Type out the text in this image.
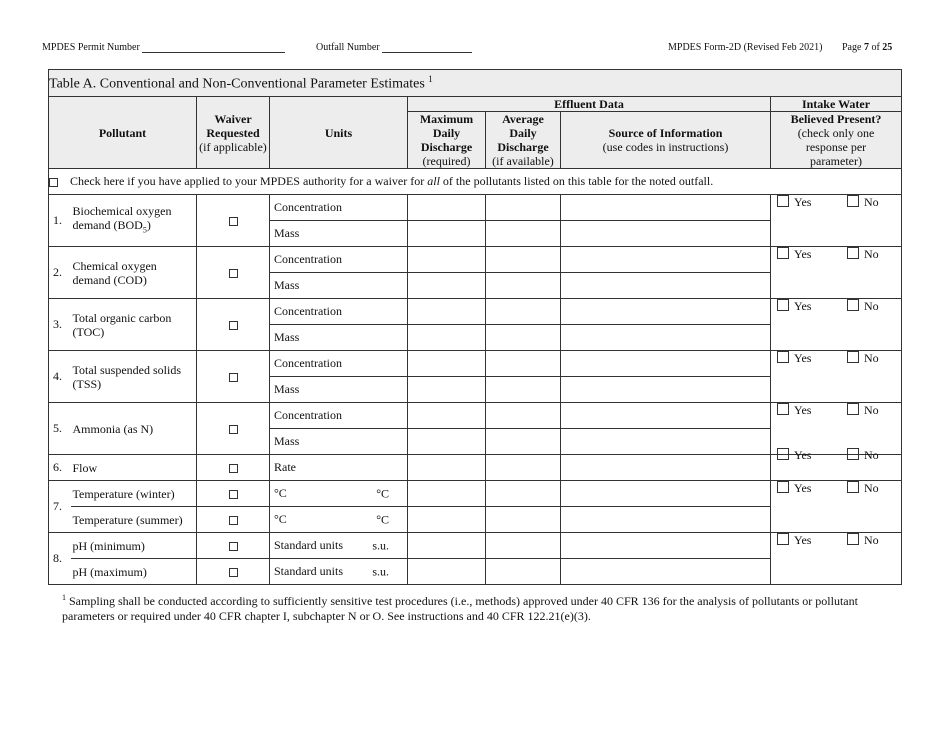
MPDES Permit Number	Outfall Number	MPDES Form-2D (Revised Feb 2021) Page 7 of 25
Table A. Conventional and Non-Conventional Parameter Estimates $^1$
Pollutant		Waiver
Requested
(if applicable)	Units	Effluent Data			Intake Water
				Maximum
Daily
Discharge
(required)	Average
Daily
Discharge
(if available)	Source of Information
(use codes in instructions)	Believed Present?
(check only one
response per
parameter)
Check here if you have applied to your MPDES authority for a waiver for all of the pollutants listed on this table for the noted outfall.							
1.	Biochemical oxygen
demand $(BOD_5)$		Concentration				Yes No

			Mass				
2.	Chemical oxygen
demand (COD)		Concentration				Yes No

			Mass				
3.	Total organic carbon
(TOC)		Concentration				Yes No

			Mass				
4.	Total suspended solids
(TSS)		Concentration				Yes No

			Mass				
5.	Ammonia (as N)		Concentration				Yes No

			Mass				
6.	Flow		Rate				Yes No

7.	Temperature (winter)		°C °C				Yes No

	Temperature (summer)		°C °C				

8.	pH (minimum)		Standard units s.u.				Yes No

	pH (maximum)		Standard units s.u.				

$^1$ Sampling shall be conducted according to sufficiently sensitive test procedures (i.e., methods) approved under 40 CFR 136 for the analysis of pollutants or pollutant parameters or required under 40 CFR chapter I, subchapter N or O. See instructions and 40 CFR 122.21(e)(3).
